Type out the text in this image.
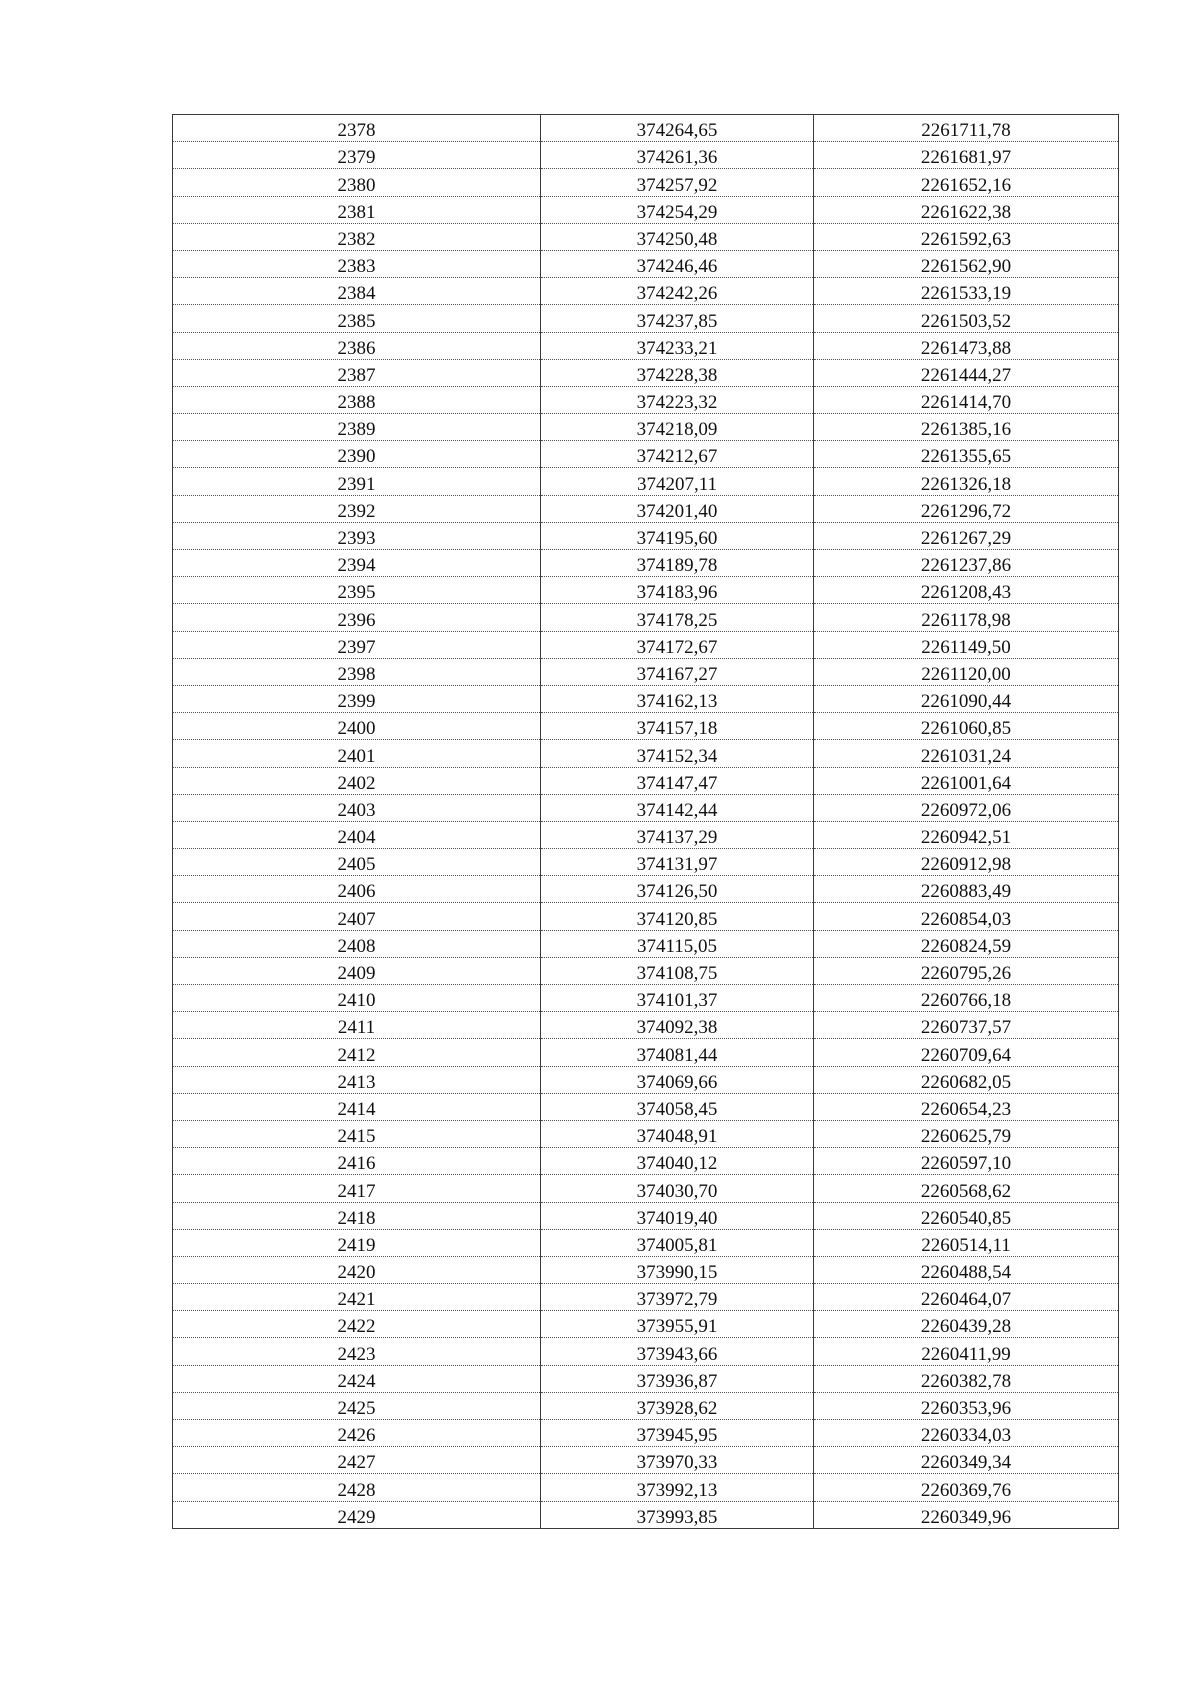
2378	374264,65	2261711,78
2379	374261,36	2261681,97
2380	374257,92	2261652,16
2381	374254,29	2261622,38
2382	374250,48	2261592,63
2383	374246,46	2261562,90
2384	374242,26	2261533,19
2385	374237,85	2261503,52
2386	374233,21	2261473,88
2387	374228,38	2261444,27
2388	374223,32	2261414,70
2389	374218,09	2261385,16
2390	374212,67	2261355,65
2391	374207,11	2261326,18
2392	374201,40	2261296,72
2393	374195,60	2261267,29
2394	374189,78	2261237,86
2395	374183,96	2261208,43
2396	374178,25	2261178,98
2397	374172,67	2261149,50
2398	374167,27	2261120,00
2399	374162,13	2261090,44
2400	374157,18	2261060,85
2401	374152,34	2261031,24
2402	374147,47	2261001,64
2403	374142,44	2260972,06
2404	374137,29	2260942,51
2405	374131,97	2260912,98
2406	374126,50	2260883,49
2407	374120,85	2260854,03
2408	374115,05	2260824,59
2409	374108,75	2260795,26
2410	374101,37	2260766,18
2411	374092,38	2260737,57
2412	374081,44	2260709,64
2413	374069,66	2260682,05
2414	374058,45	2260654,23
2415	374048,91	2260625,79
2416	374040,12	2260597,10
2417	374030,70	2260568,62
2418	374019,40	2260540,85
2419	374005,81	2260514,11
2420	373990,15	2260488,54
2421	373972,79	2260464,07
2422	373955,91	2260439,28
2423	373943,66	2260411,99
2424	373936,87	2260382,78
2425	373928,62	2260353,96
2426	373945,95	2260334,03
2427	373970,33	2260349,34
2428	373992,13	2260369,76
2429	373993,85	2260349,96
